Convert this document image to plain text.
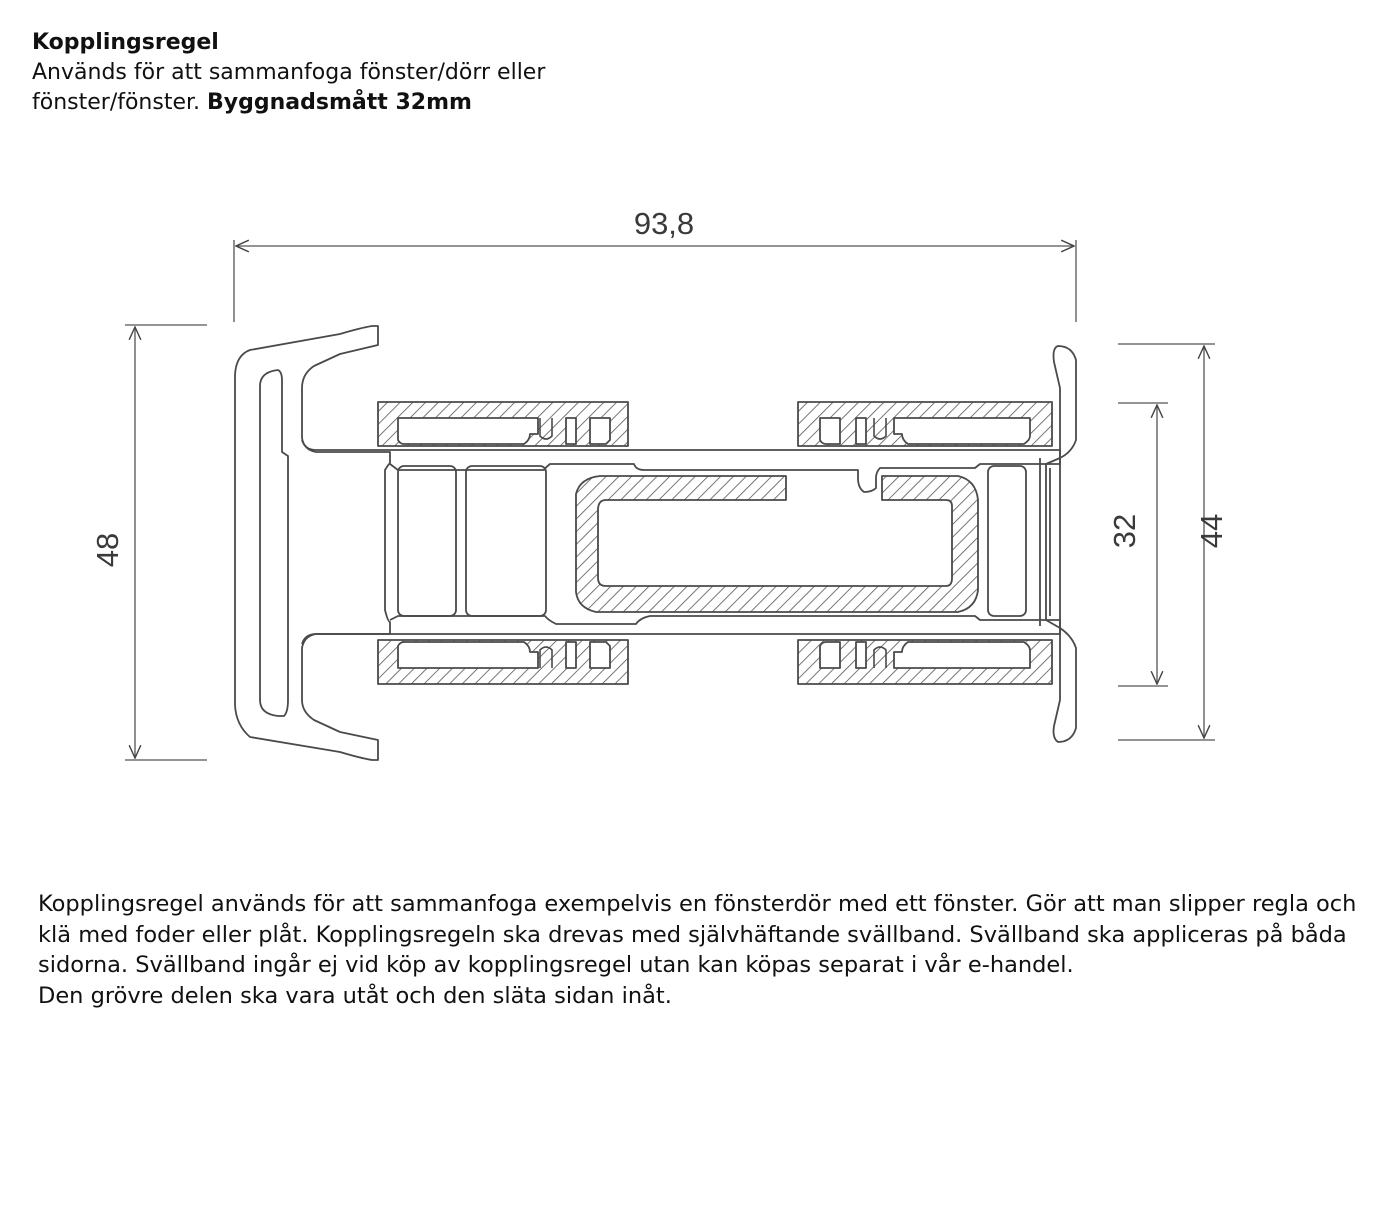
Kopplingsregel
Används för att sammanfoga fönster/dörr eller
fönster/fönster. Byggnadsmått 32mm
93,8
48
32 44

Kopplingsregel används för att sammanfoga exempelvis en fönsterdör med ett fönster. Gör att man slipper regla och klä med foder eller plåt. Kopplingsregeln ska drevas med självhäftande svällband. Svällband ska appliceras på båda sidorna. Svällband ingår ej vid köp av kopplingsregel utan kan köpas separat i vår e-handel.

Den grövre delen ska vara utåt och den släta sidan inåt.
